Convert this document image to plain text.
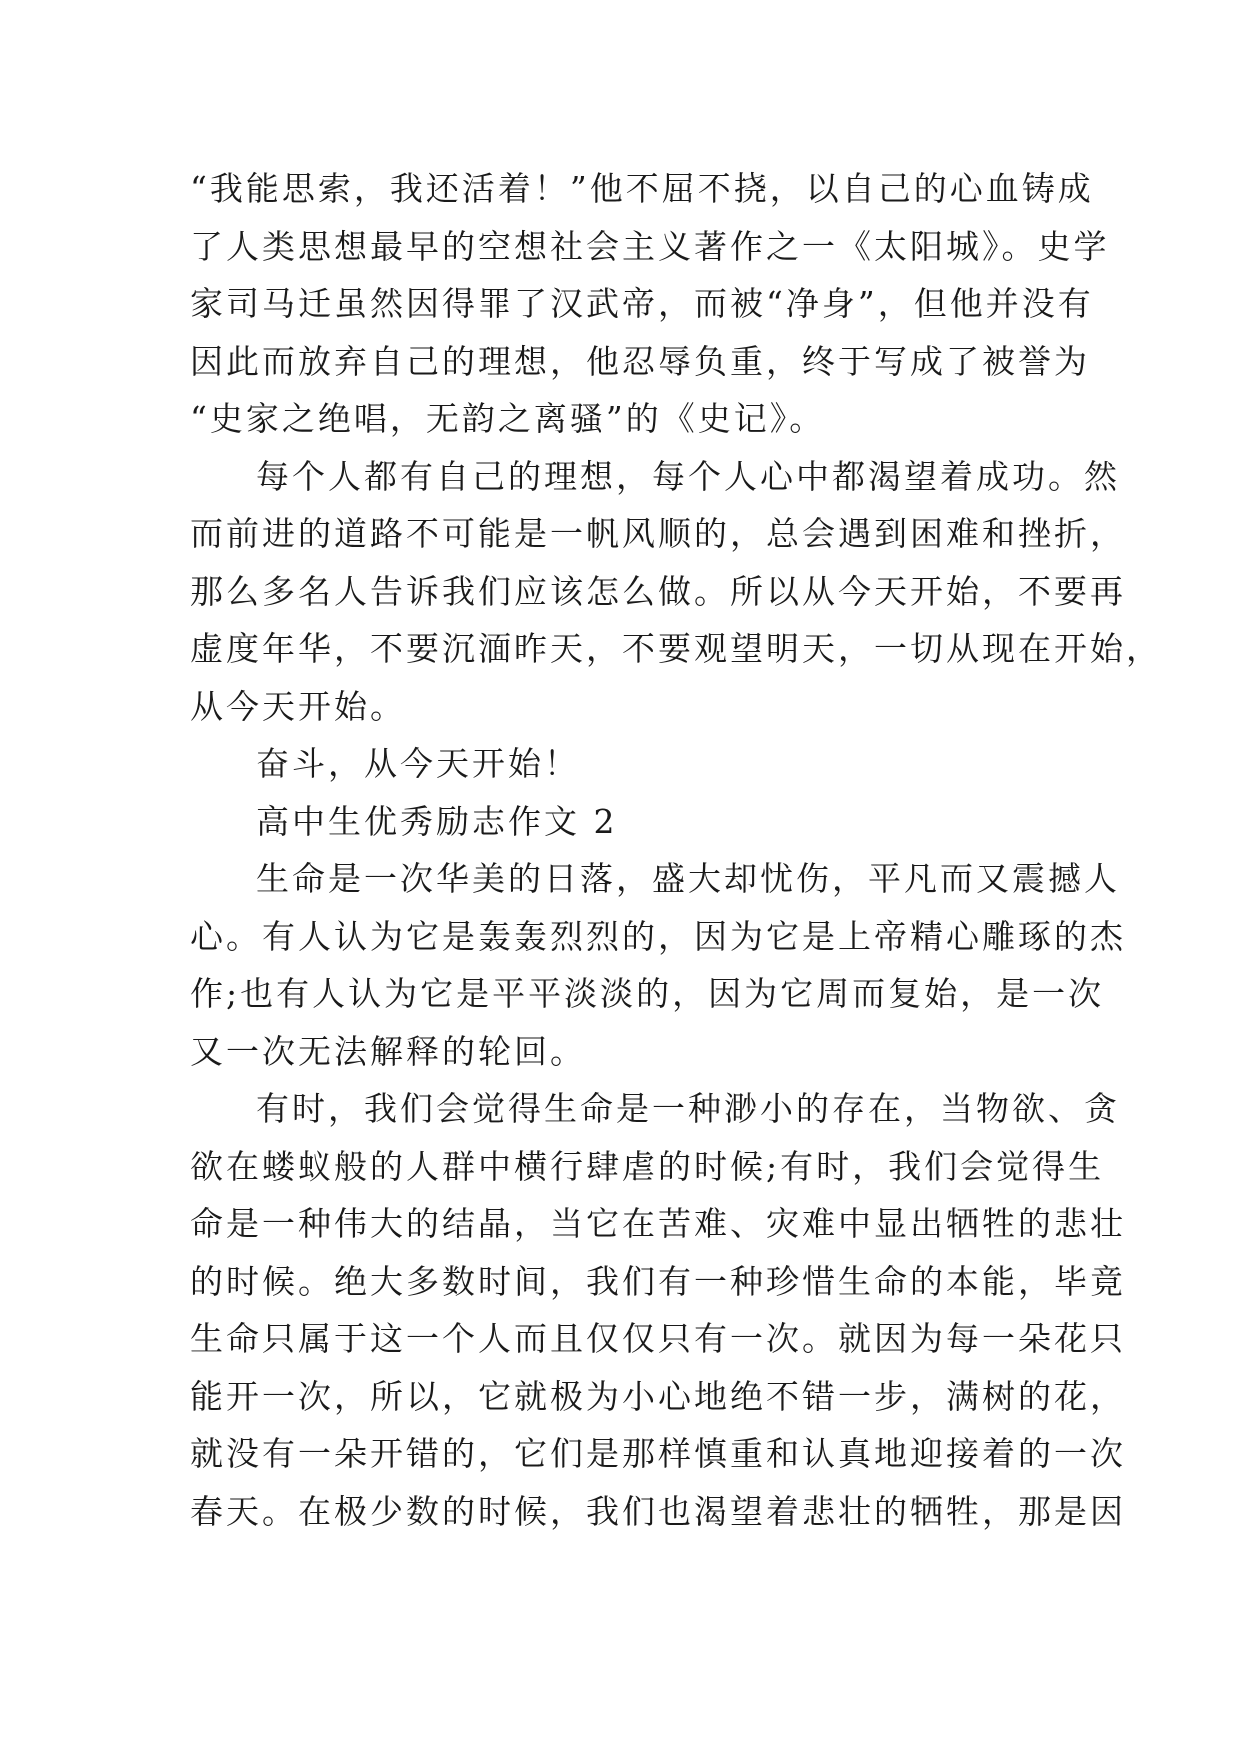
“我能思索，我还活着！”他不屈不挠，以自己的心血铸成
了人类思想最早的空想社会主义著作之一《太阳城》。史学
家司马迁虽然因得罪了汉武帝，而被“净身”，但他并没有
因此而放弃自己的理想，他忍辱负重，终于写成了被誉为
“史家之绝唱，无韵之离骚”的《史记》。
每个人都有自己的理想，每个人心中都渴望着成功。然
而前进的道路不可能是一帆风顺的，总会遇到困难和挫折，
那么多名人告诉我们应该怎么做。所以从今天开始，不要再
虚度年华，不要沉湎昨天，不要观望明天，一切从现在开始，
从今天开始。
奋斗，从今天开始！
高中生优秀励志作文 2
生命是一次华美的日落，盛大却忧伤，平凡而又震撼人
心。有人认为它是轰轰烈烈的，因为它是上帝精心雕琢的杰
作;也有人认为它是平平淡淡的，因为它周而复始，是一次
又一次无法解释的轮回。
有时，我们会觉得生命是一种渺小的存在，当物欲、贪
欲在蝼蚁般的人群中横行肆虐的时候;有时，我们会觉得生
命是一种伟大的结晶，当它在苦难、灾难中显出牺牲的悲壮
的时候。绝大多数时间，我们有一种珍惜生命的本能，毕竟
生命只属于这一个人而且仅仅只有一次。就因为每一朵花只
能开一次，所以，它就极为小心地绝不错一步，满树的花，
就没有一朵开错的，它们是那样慎重和认真地迎接着的一次
春天。在极少数的时候，我们也渴望着悲壮的牺牲，那是因
